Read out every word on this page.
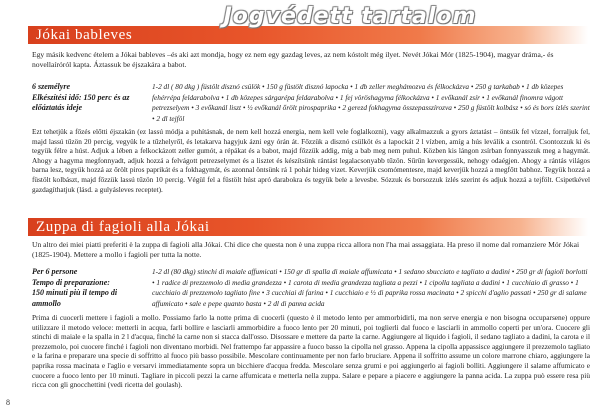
Jogvédett tartalom
Jókai bableves

Egy másik kedvenc ételem a Jókai bableves –és aki azt mondja, hogy ez nem egy gazdag leves, az nem kóstolt még ilyet. Nevét Jókai Mór (1825-1904), magyar dráma,- és novellaíróról kapta. Áztassuk be éjszakára a babot.

6 személyre
Elkészítési idő: 150 perc és az
előáztatás ideje

1-2 dl ( 80 dkg ) füstölt disznó csülök • 150 g füstölt disznó lapocka • 1 db zeller meghámozva és félkockázva • 250 g tarkabab • 1 db közepes fehérrépa feldarabolva • 1 db közepes sárgarépa feldarabolva • 1 fej vöröshagyma félkockázva • 1 evőkanál zsír • 1 evőkanál finomra vágott petrezselyem • 3 evőkanál liszt • ½ evőkanál őrölt pirospaprika • 2 gerezd fokhagyma összepasszírozva • 250 g füstölt kolbász • só és bors ízlés szerint • 2 dl tejföl

Ezt tehetjük a főzés előtti éjszakán (ez lassú módja a puhításnak, de nem kell hozzá energia, nem kell vele foglalkozni), vagy alkalmazzuk a gyors áztatást – öntsük fel vízzel, forraljuk fel, majd lassú tűzön 20 percig, vegyük le a tűzhelyről, és letakarva hagyjuk ázni egy órán át. Főzzük a disznó csülköt és a lapockát 2 l vízben, amíg a hús leválik a csontról. Csontozzuk ki és tegyük félre a húst. Adjuk a lében a felkockázott zeller gumót, a répákat és a babot, majd főzzük addig, míg a bab meg nem puhul. Közben kis lángon zsírban fonnyasszuk meg a hagymát. Ahogy a hagyma megfonnyadt, adjuk hozzá a felvágott petrezselymet és a lisztet és készítsünk rántást legalacsonyabb tűzön. Sűrűn kevergessük, nehogy odaégjen. Ahogy a rántás világos barna lesz, tegyük hozzá az őrölt piros paprikát és a fokhagymát, és azonnal öntsünk rá 1 pohár hideg vizet. Keverjük csomómentesre, majd keverjük hozzá a megfőtt babhoz. Tegyük hozzá a füstölt kolbászt, majd főzzük lassú tűzön 10 percig. Végül fel a füstölt húst apró darabokra és tegyük bele a levesbe. Sózzuk és borsozzuk ízlés szerint és adjuk hozzá a tejfölt. Csipetkével gazdagíthatjuk (lásd. a gulyásleves receptet).

Zuppa di fagioli alla Jókai

Un altro dei miei piatti preferiti è la zuppa di fagioli alla Jókai. Chi dice che questa non è una zuppa ricca allora non l'ha mai assaggiata. Ha preso il nome dal romanziere Mór Jókai (1825-1904). Mettere a mollo i fagioli per tutta la notte.

Per 6 persone
Tempo di preparazione:
150 minuti più il tempo di
ammollo

1-2 dl (80 dkg) stinchi di maiale affumicati • 150 gr di spalla di maiale affumicata • 1 sedano sbucciato e tagliato a dadini • 250 gr di fagioli borlotti • 1 radice di prezzemolo di media grandezza • 1 carota di media grandezza tagliata a pezzi • 1 cipolla tagliata a dadini • 1 cucchiaio di grasso • 1 cucchiaio di prezzemolo tagliato fine • 3 cucchiai di farina • 1 cucchiaio e ½ di paprika rossa macinata • 2 spicchi d'aglio passati • 250 gr di salame affumicato • sale e pepe quanto basta • 2 dl di panna acida

Prima di cuocerli mettere i fagioli a mollo. Possiamo farlo la notte prima di cuocerli (questo è il metodo lento per ammorbidirli, ma non serve energia e non bisogna occuparsene) oppure utilizzare il metodo veloce: metterli in acqua, farli bollire e lasciarli ammorbidire a fuoco lento per 20 minuti, poi toglierli dal fuoco e lasciarli in ammollo coperti per un'ora. Cuocere gli stinchi di maiale e la spalla in 2 l d'acqua, finché la carne non si stacca dall'osso. Disossare e mettere da parte la carne. Aggiungere al liquido i fagioli, il sedano tagliato a dadini, la carota e il prezzemolo, poi cuocere finché i fagioli non diventano morbidi. Nel frattempo far appassire a fuoco basso la cipolla nel grasso. Appena la cipolla appassisce aggiungere il prezzemolo tagliato e la farina e preparare una specie di soffritto al fuoco più basso possibile. Mescolare continuamente per non farlo bruciare. Appena il soffritto assume un colore marrone chiaro, aggiungere la paprika rossa macinata e l'aglio e versarvi immediatamente sopra un bicchiere d'acqua fredda. Mescolare senza grumi e poi aggiungerlo ai fagioli bolliti. Aggiungere il salame affumicato e cuocere a fuoco lento per 10 minuti. Tagliare in piccoli pezzi la carne affumicata e metterla nella zuppa. Salare e pepare a piacere e aggiungere la panna acida. La zuppa può essere resa più ricca con gli gnocchettini (vedi ricetta del goulash).

8
